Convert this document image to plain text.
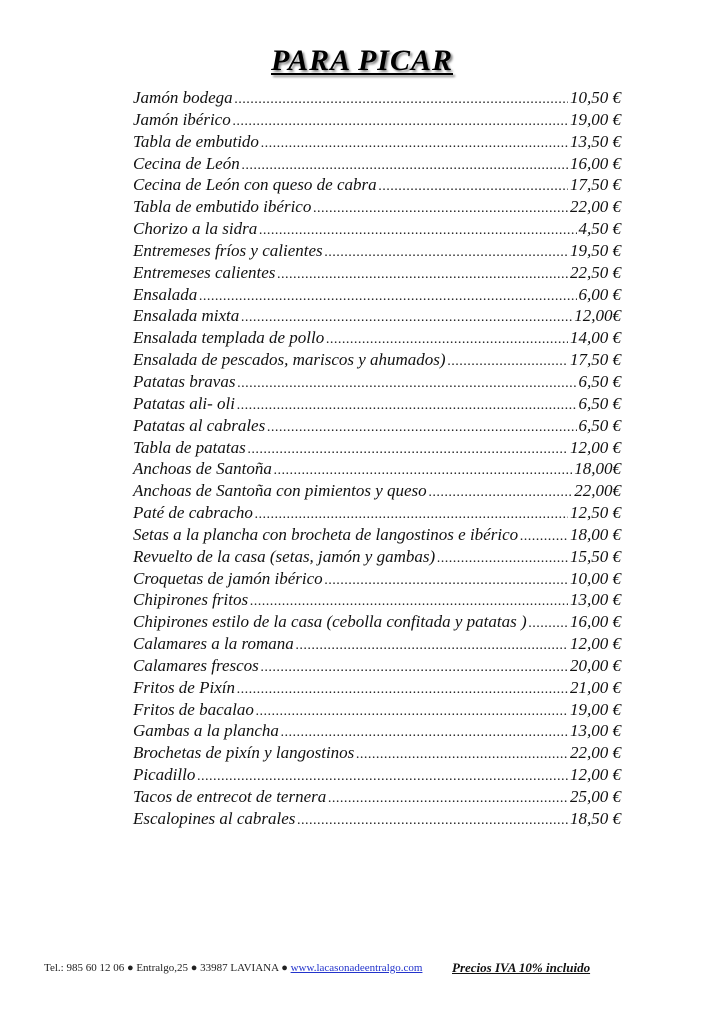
PARA PICAR
Jamón bodega .....	10,50 €
Jamón ibérico .....	19,00 €
Tabla de embutido .....	13,50 €
Cecina de León .....	16,00 €
Cecina de León con queso de cabra .....	17,50 €
Tabla de embutido ibérico .....	22,00 €
Chorizo a la sidra .....	4,50 €
Entremeses fríos y calientes .....	19,50 €
Entremeses calientes .....	22,50 €
Ensalada .....	6,00 €
Ensalada mixta .....	12,00€
Ensalada templada de pollo .....	14,00 €
Ensalada de pescados, mariscos y ahumados) .....	17,50 €
Patatas bravas .....	6,50 €
Patatas ali- oli .....	6,50 €
Patatas al cabrales .....	6,50 €
Tabla de patatas .....	12,00 €
Anchoas de Santoña .....	18,00€
Anchoas de Santoña con pimientos y queso .....	22,00€
Paté de cabracho .....	12,50 €
Setas a la plancha con brocheta de langostinos e ibérico .....	18,00 €
Revuelto de la casa (setas, jamón y gambas) .....	15,50 €
Croquetas de jamón ibérico .....	10,00 €
Chipirones fritos .....	13,00 €
Chipirones estilo de la casa (cebolla confitada y patatas ) .....	16,00 €
Calamares a la romana .....	12,00 €
Calamares frescos .....	20,00 €
Fritos de Pixín .....	21,00 €
Fritos de bacalao .....	19,00 €
Gambas a la plancha .....	13,00 €
Brochetas de pixín y langostinos .....	22,00 €
Picadillo .....	12,00 €
Tacos de entrecot de ternera .....	25,00 €
Escalopines al cabrales .....	18,50 €
Tel.: 985 60 12 06 ● Entralgo,25 ● 33987 LAVIANA ● www.lacasonadeentralgo.com Precios IVA 10% incluido
